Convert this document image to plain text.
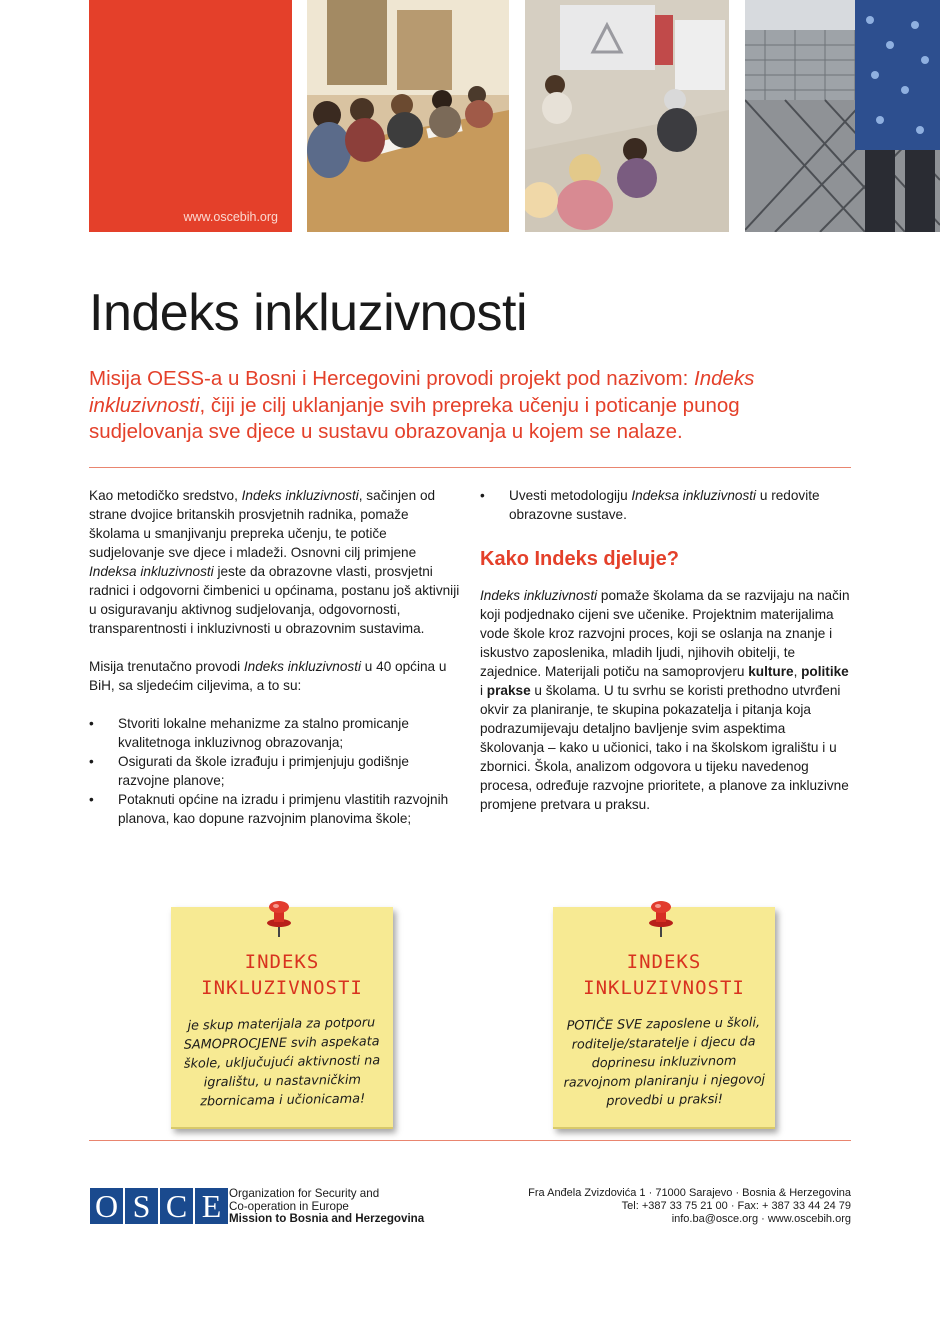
www.oscebih.org
Indeks inkluzivnosti

Misija OESS-a u Bosni i Hercegovini provodi projekt pod nazivom: Indeks inkluzivnosti, čiji je cilj uklanjanje svih prepreka učenju i poticanje punog sudjelovanja sve djece u sustavu obrazovanja u kojem se nalaze.

Kao metodičko sredstvo, Indeks inkluzivnosti, sačinjen od strane dvojice britanskih prosvjetnih radnika, pomaže školama u smanjivanju prepreka učenju, te potiče sudjelovanje sve djece i mladeži. Osnovni cilj primjene Indeksa inkluzivnosti jeste da obrazovne vlasti, prosvjetni radnici i odgovorni čimbenici u općinama, postanu još aktivniji u osiguravanju aktivnog sudjelovanja, odgovornosti, transparentnosti i inkluzivnosti u obrazovnim sustavima.

Misija trenutačno provodi Indeks inkluzivnosti u 40 općina u BiH, sa sljedećim ciljevima, a to su:

• Stvoriti lokalne mehanizme za stalno promicanje kvalitetnoga inkluzivnog obrazovanja;
• Osigurati da škole izrađuju i primjenjuju godišnje razvojne planove;
• Potaknuti općine na izradu i primjenu vlastitih razvojnih planova, kao dopune razvojnim planovima škole;
• Uvesti metodologiju Indeksa inkluzivnosti u redovite obrazovne sustave.
Kako Indeks djeluje?

Indeks inkluzivnosti pomaže školama da se razvijaju na način koji podjednako cijeni sve učenike. Projektnim materijalima vode škole kroz razvojni proces, koji se oslanja na znanje i iskustvo zaposlenika, mladih ljudi, njihovih obitelji, te zajednice. Materijali potiču na samoprovjeru kulture, politike i prakse u školama. U tu svrhu se koristi prethodno utvrđeni okvir za planiranje, te skupina pokazatelja i pitanja koja podrazumijevaju detaljno bavljenje svim aspektima školovanja – kako u učionici, tako i na školskom igralištu i u zbornici. Škola, analizom odgovora u tijeku navedenog procesa, određuje razvojne prioritete, a planove za inkluzivne promjene pretvara u praksu.

INDEKS
INKLUZIVNOSTI
je skup materijala za potporu SAMOPROCJENE svih aspekata škole, uključujući aktivnosti na igralištu, u nastavničkim zbornicama i učionicama!
INDEKS
INKLUZIVNOSTI
POTIČE SVE zaposlene u školi, roditelje/staratelje i djecu da doprinesu inkluzivnom razvojnom planiranju i njegovoj provedbi u praksi!
O S C E Organization for Security and
Co-operation in Europe
Mission to Bosnia and Herzegovina
Fra Anđela Zvizdovića 1 · 71000 Sarajevo · Bosnia & Herzegovina
Tel: +387 33 75 21 00 · Fax: + 387 33 44 24 79
info.ba@osce.org · www.oscebih.org
